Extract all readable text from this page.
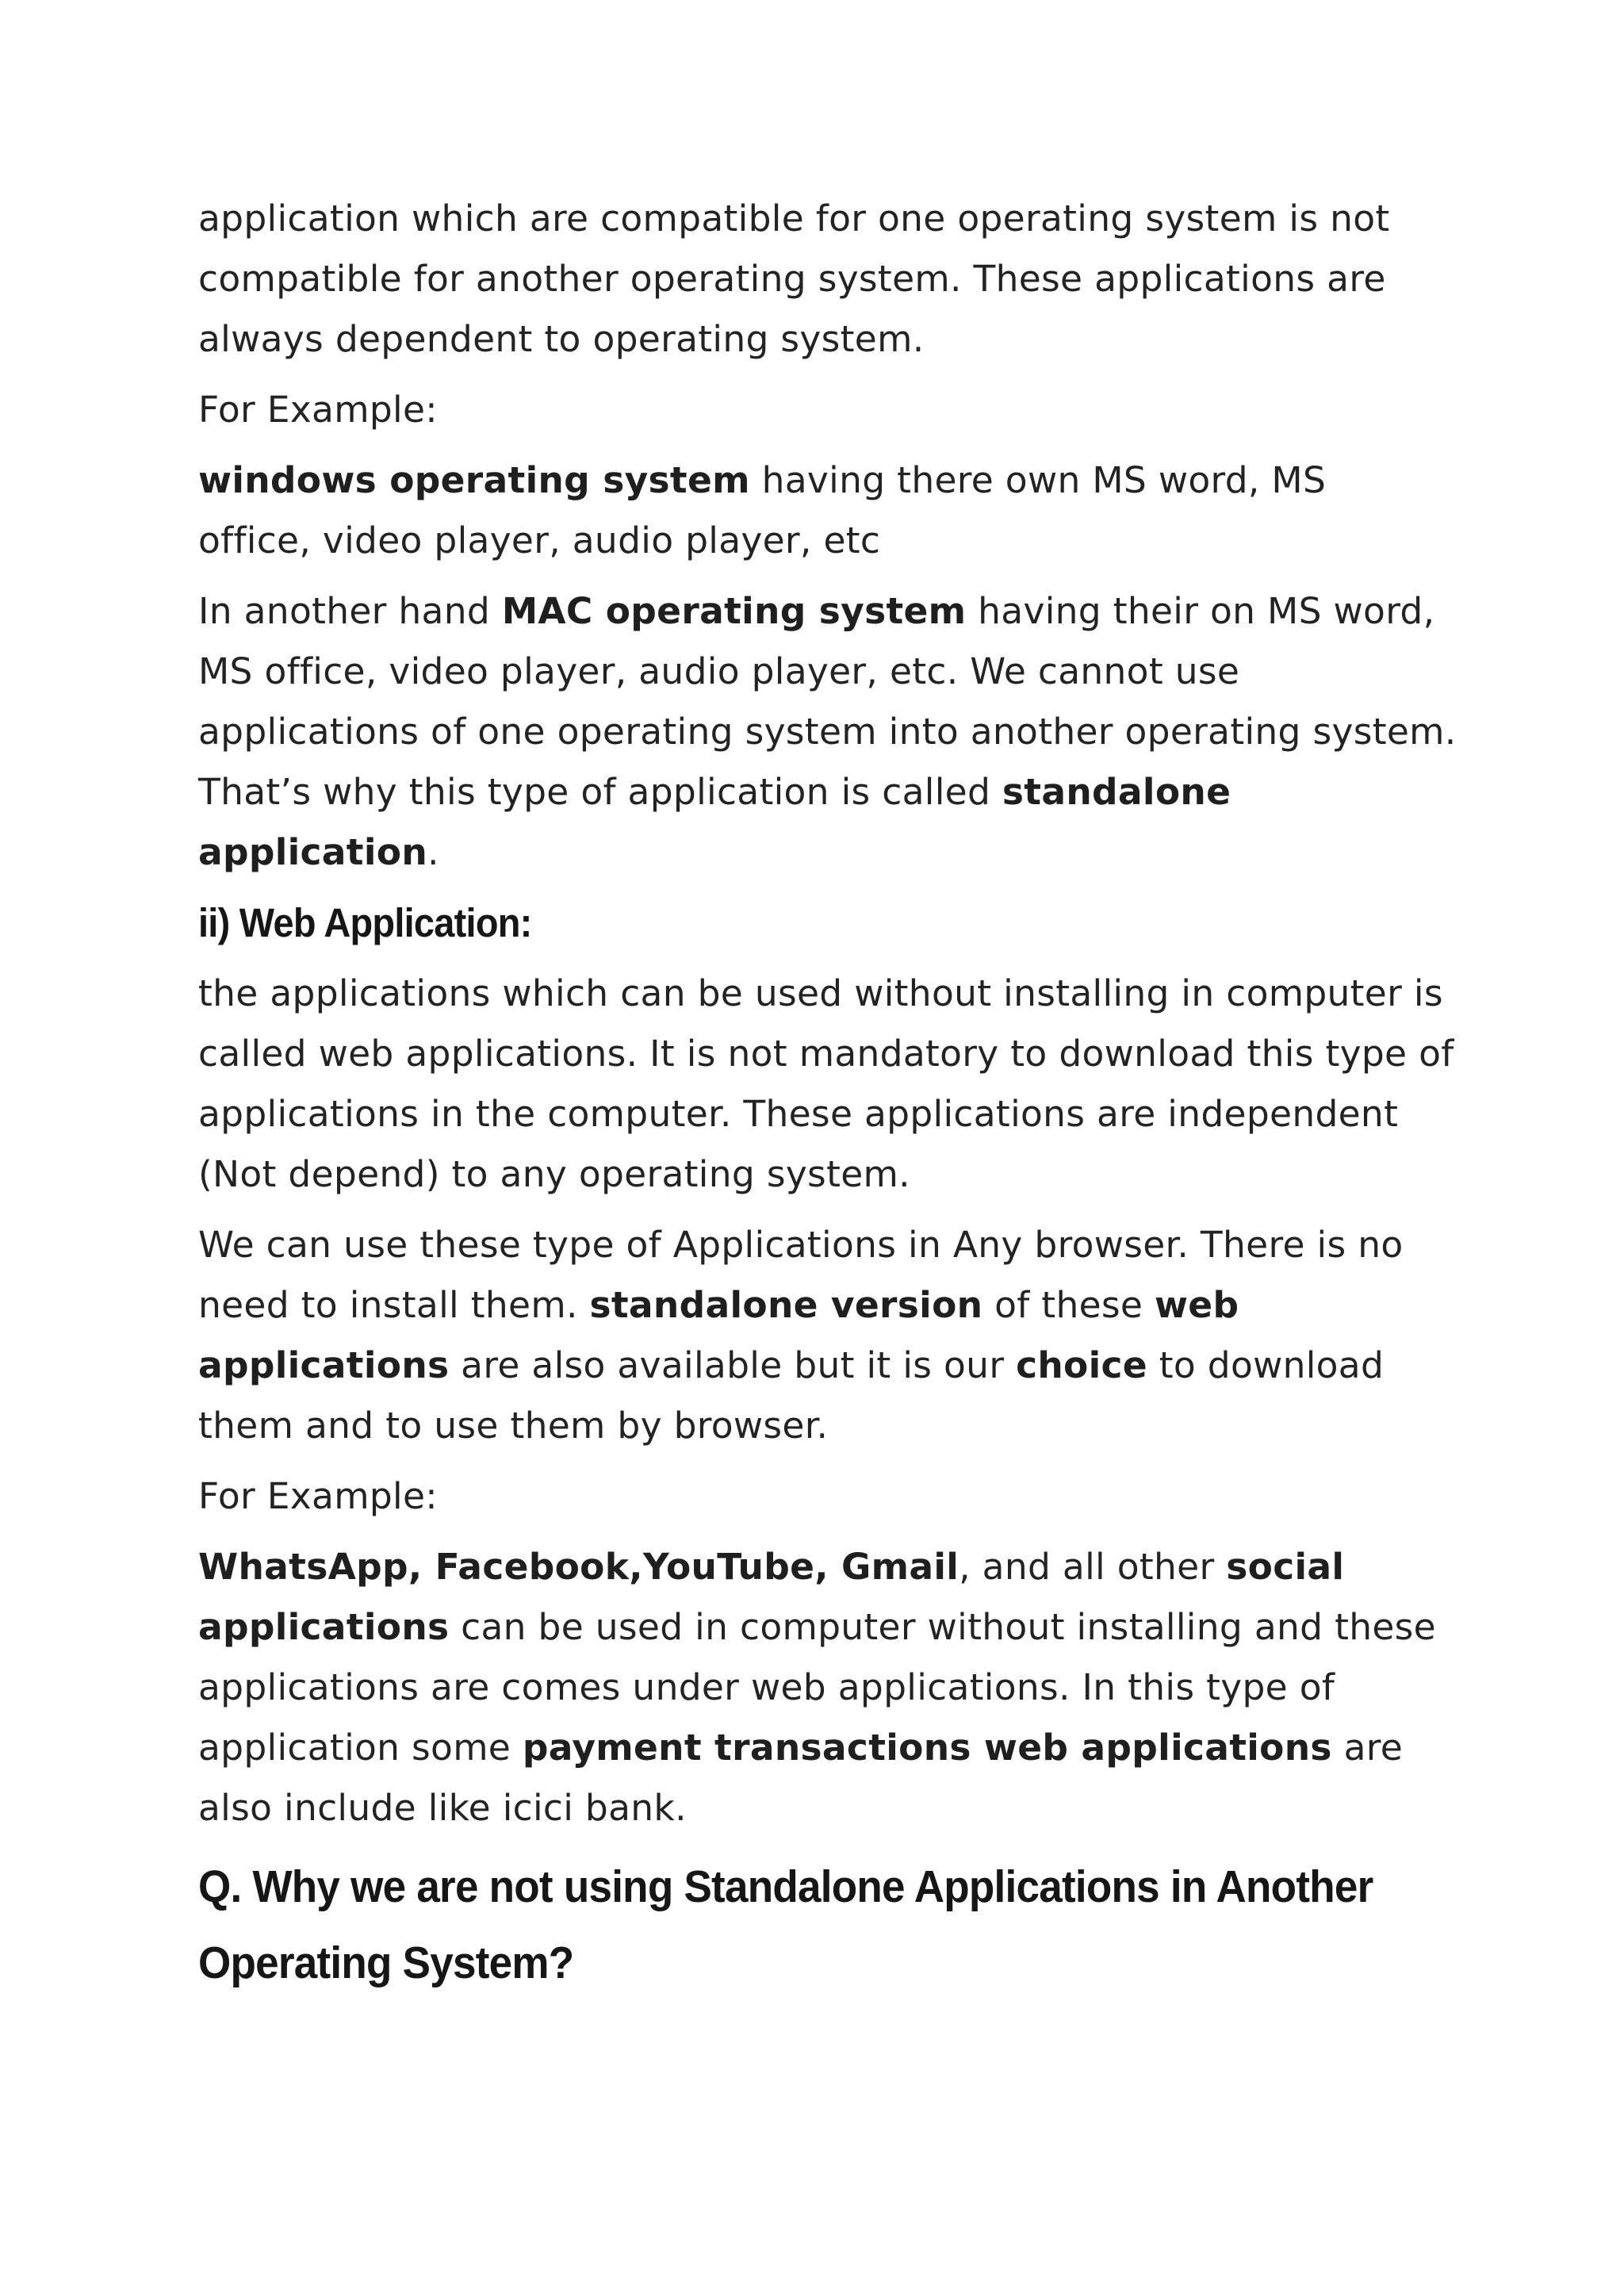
application which are compatible for one operating system is not
compatible for another operating system. These applications are
always dependent to operating system.
For Example:
windows operating system having there own MS word, MS
office, video player, audio player, etc
In another hand MAC operating system having their on MS word,
MS office, video player, audio player, etc. We cannot use
applications of one operating system into another operating system.
That’s why this type of application is called standalone
application.
ii) Web Application:
the applications which can be used without installing in computer is
called web applications. It is not mandatory to download this type of
applications in the computer. These applications are independent
(Not depend) to any operating system.
We can use these type of Applications in Any browser. There is no
need to install them. standalone version of these web
applications are also available but it is our choice to download
them and to use them by browser.
For Example:
WhatsApp, Facebook,YouTube, Gmail, and all other social
applications can be used in computer without installing and these
applications are comes under web applications. In this type of
application some payment transactions web applications are
also include like icici bank.
Q. Why we are not using Standalone Applications in Another
Operating System?
